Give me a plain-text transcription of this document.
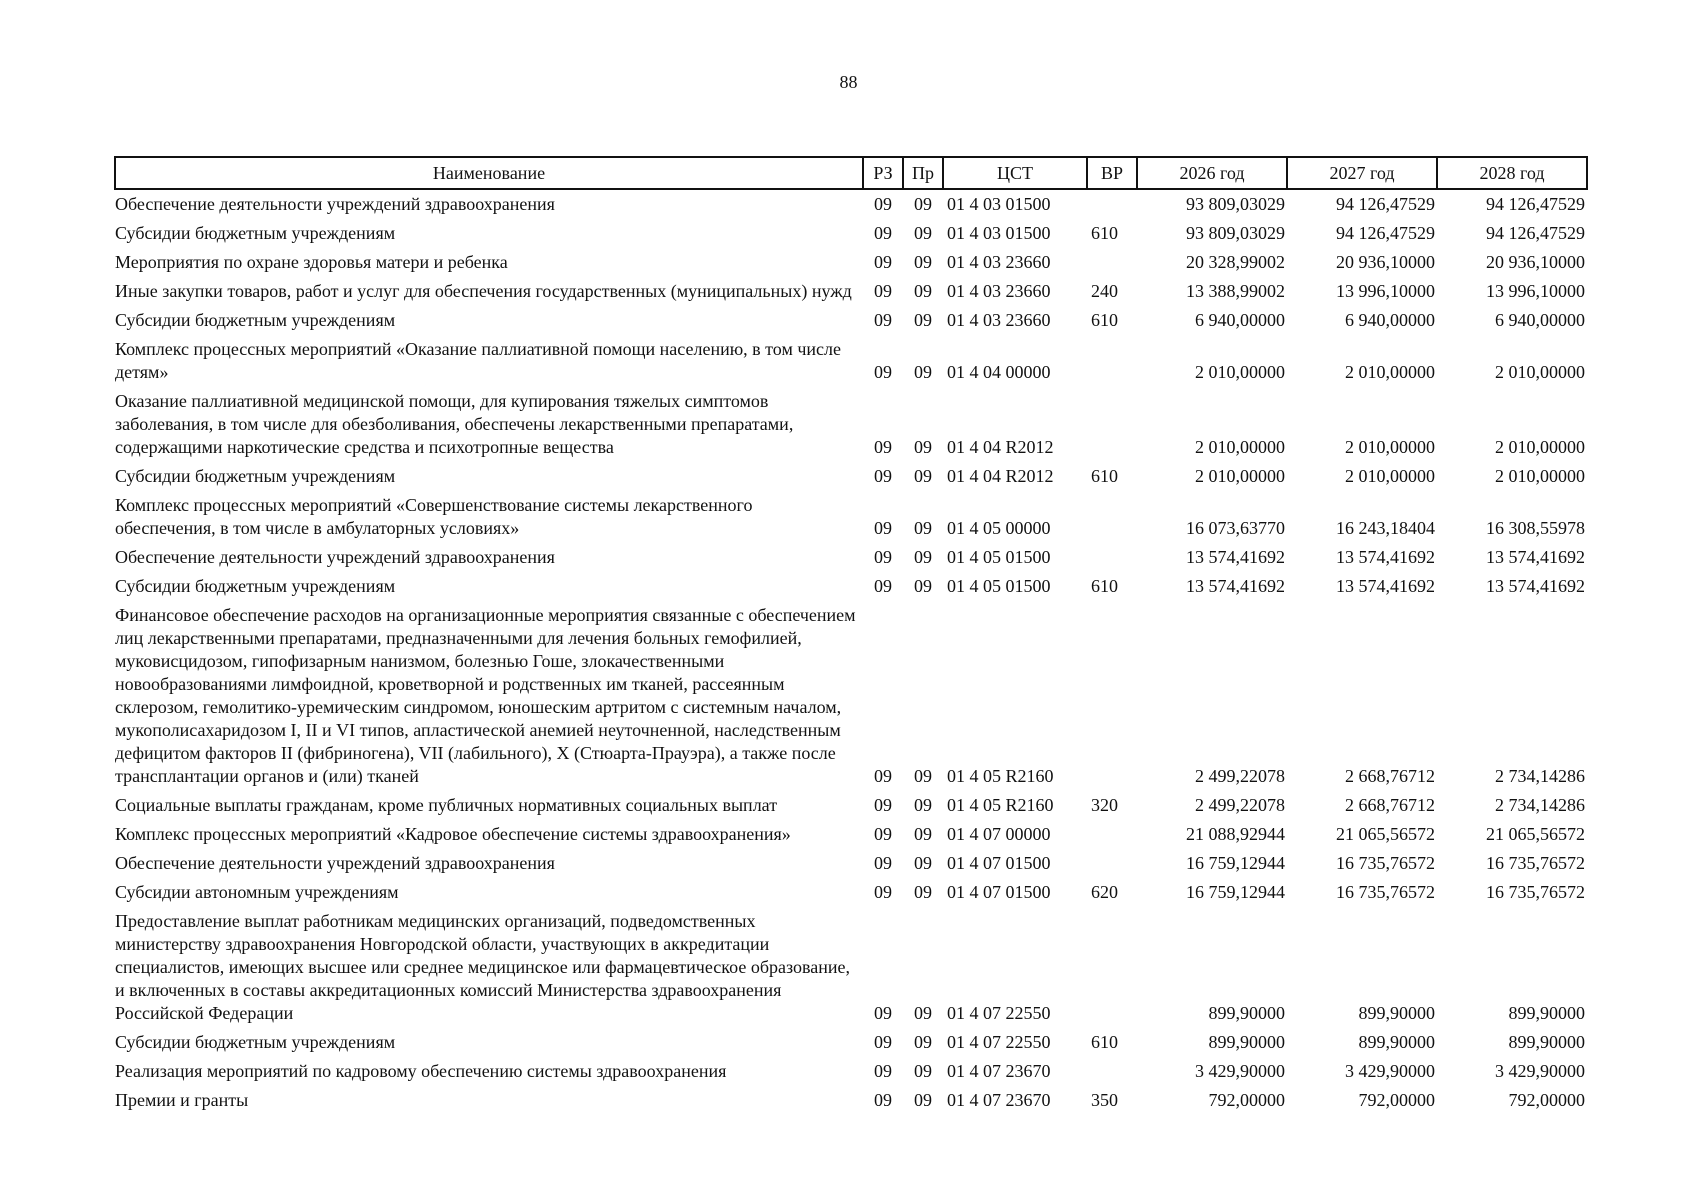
88
Наименование	РЗ	Пр	ЦСТ	ВР	2026 год	2027 год	2028 год
Обеспечение деятельности учреждений здравоохранения	09	09	01 4 03 01500		93 809,03029	94 126,47529	94 126,47529
Субсидии бюджетным учреждениям	09	09	01 4 03 01500	610	93 809,03029	94 126,47529	94 126,47529
Мероприятия по охране здоровья матери и ребенка	09	09	01 4 03 23660		20 328,99002	20 936,10000	20 936,10000
Иные закупки товаров, работ и услуг для обеспечения государственных (муниципальных) нужд	09	09	01 4 03 23660	240	13 388,99002	13 996,10000	13 996,10000
Субсидии бюджетным учреждениям	09	09	01 4 03 23660	610	6 940,00000	6 940,00000	6 940,00000
Комплекс процессных мероприятий «Оказание паллиативной помощи населению, в том числе детям»	09	09	01 4 04 00000		2 010,00000	2 010,00000	2 010,00000
Оказание паллиативной медицинской помощи, для купирования тяжелых симптомов заболевания, в том числе для обезболивания, обеспечены лекарственными препаратами, содержащими наркотические средства и психотропные вещества	09	09	01 4 04 R2012		2 010,00000	2 010,00000	2 010,00000
Субсидии бюджетным учреждениям	09	09	01 4 04 R2012	610	2 010,00000	2 010,00000	2 010,00000
Комплекс процессных мероприятий «Совершенствование системы лекарственного обеспечения, в том числе в амбулаторных условиях»	09	09	01 4 05 00000		16 073,63770	16 243,18404	16 308,55978
Обеспечение деятельности учреждений здравоохранения	09	09	01 4 05 01500		13 574,41692	13 574,41692	13 574,41692
Субсидии бюджетным учреждениям	09	09	01 4 05 01500	610	13 574,41692	13 574,41692	13 574,41692
Финансовое обеспечение расходов на организационные мероприятия связанные с обеспечением лиц лекарственными препаратами, предназначенными для лечения больных гемофилией, муковисцидозом, гипофизарным нанизмом, болезнью Гоше, злокачественными новообразованиями лимфоидной, кроветворной и родственных им тканей, рассеянным склерозом, гемолитико-уремическим синдромом, юношеским артритом с системным началом, мукополисахаридозом I, II и VI типов, апластической анемией неуточненной, наследственным дефицитом факторов II (фибриногена), VII (лабильного), X (Стюарта-Прауэра), а также после трансплантации органов и (или) тканей	09	09	01 4 05 R2160		2 499,22078	2 668,76712	2 734,14286
Социальные выплаты гражданам, кроме публичных нормативных социальных выплат	09	09	01 4 05 R2160	320	2 499,22078	2 668,76712	2 734,14286
Комплекс процессных мероприятий «Кадровое обеспечение системы здравоохранения»	09	09	01 4 07 00000		21 088,92944	21 065,56572	21 065,56572
Обеспечение деятельности учреждений здравоохранения	09	09	01 4 07 01500		16 759,12944	16 735,76572	16 735,76572
Субсидии автономным учреждениям	09	09	01 4 07 01500	620	16 759,12944	16 735,76572	16 735,76572
Предоставление выплат работникам медицинских организаций, подведомственных министерству здравоохранения Новгородской области, участвующих в аккредитации специалистов, имеющих высшее или среднее медицинское или фармацевтическое образование, и включенных в составы аккредитационных комиссий Министерства здравоохранения Российской Федерации	09	09	01 4 07 22550		899,90000	899,90000	899,90000
Субсидии бюджетным учреждениям	09	09	01 4 07 22550	610	899,90000	899,90000	899,90000
Реализация мероприятий по кадровому обеспечению системы здравоохранения	09	09	01 4 07 23670		3 429,90000	3 429,90000	3 429,90000
Премии и гранты	09	09	01 4 07 23670	350	792,00000	792,00000	792,00000
